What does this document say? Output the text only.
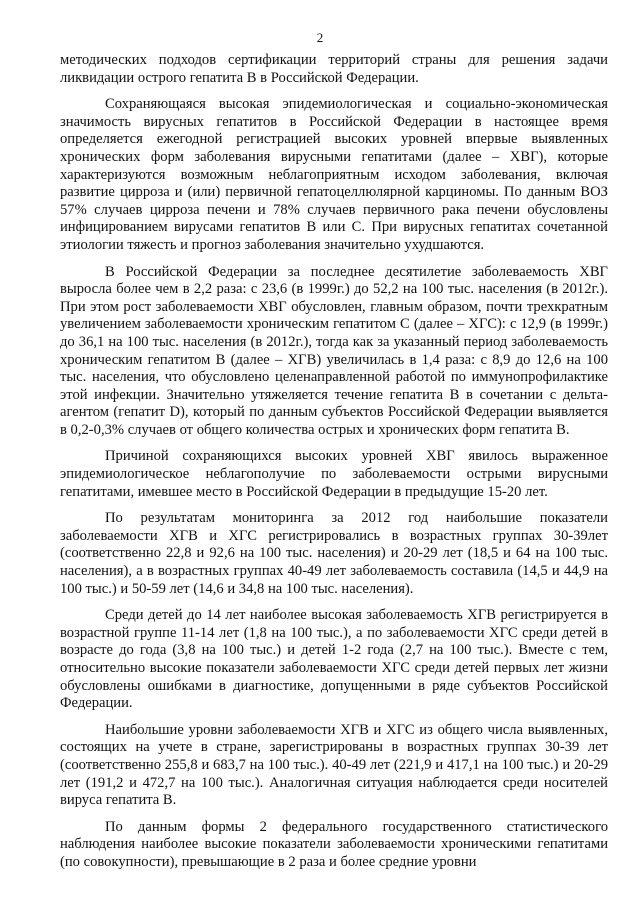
2

методических подходов сертификации территорий страны для решения задачи ликвидации острого гепатита В в Российской Федерации.

Сохраняющаяся высокая эпидемиологическая и социально-экономическая значимость вирусных гепатитов в Российской Федерации в настоящее время определяется ежегодной регистрацией высоких уровней впервые выявленных хронических форм заболевания вирусными гепатитами (далее – ХВГ), которые характеризуются возможным неблагоприятным исходом заболевания, включая развитие цирроза и (или) первичной гепатоцеллюлярной карциномы. По данным ВОЗ 57% случаев цирроза печени и 78% случаев первичного рака печени обусловлены инфицированием вирусами гепатитов В или С. При вирусных гепатитах сочетанной этиологии тяжесть и прогноз заболевания значительно ухудшаются.

В Российской Федерации за последнее десятилетие заболеваемость ХВГ выросла более чем в 2,2 раза: с 23,6 (в 1999г.) до 52,2 на 100 тыс. населения (в 2012г.). При этом рост заболеваемости ХВГ обусловлен, главным образом, почти трехкратным увеличением заболеваемости хроническим гепатитом С (далее – ХГС): с 12,9 (в 1999г.) до 36,1 на 100 тыс. населения (в 2012г.), тогда как за указанный период заболеваемость хроническим гепатитом В (далее – ХГВ) увеличилась в 1,4 раза: с 8,9 до 12,6 на 100 тыс. населения, что обусловлено целенаправленной работой по иммунопрофилактике этой инфекции. Значительно утяжеляется течение гепатита В в сочетании с дельта-агентом (гепатит D), который по данным субъектов Российской Федерации выявляется в 0,2-0,3% случаев от общего количества острых и хронических форм гепатита В.

Причиной сохраняющихся высоких уровней ХВГ явилось выраженное эпидемиологическое неблагополучие по заболеваемости острыми вирусными гепатитами, имевшее место в Российской Федерации в предыдущие 15-20 лет.

По результатам мониторинга за 2012 год наибольшие показатели заболеваемости ХГВ и ХГС регистрировались в возрастных группах 30-39лет (соответственно 22,8 и 92,6 на 100 тыс. населения) и 20-29 лет (18,5 и 64 на 100 тыс. населения), а в возрастных группах 40-49 лет заболеваемость составила (14,5 и 44,9 на 100 тыс.) и 50-59 лет (14,6 и 34,8 на 100 тыс. населения).

Среди детей до 14 лет наиболее высокая заболеваемость ХГВ регистрируется в возрастной группе 11-14 лет (1,8 на 100 тыс.), а по заболеваемости ХГС среди детей в возрасте до года (3,8 на 100 тыс.) и детей 1-2 года (2,7 на 100 тыс.). Вместе с тем, относительно высокие показатели заболеваемости ХГС среди детей первых лет жизни обусловлены ошибками в диагностике, допущенными в ряде субъектов Российской Федерации.

Наибольшие уровни заболеваемости ХГВ и ХГС из общего числа выявленных, состоящих на учете в стране, зарегистрированы в возрастных группах 30-39 лет (соответственно 255,8 и 683,7 на 100 тыс.). 40-49 лет (221,9 и 417,1 на 100 тыс.) и 20-29 лет (191,2 и 472,7 на 100 тыс.). Аналогичная ситуация наблюдается среди носителей вируса гепатита В.

По данным формы 2 федерального государственного статистического наблюдения наиболее высокие показатели заболеваемости хроническими гепатитами (по совокупности), превышающие в 2 раза и более средние уровни
